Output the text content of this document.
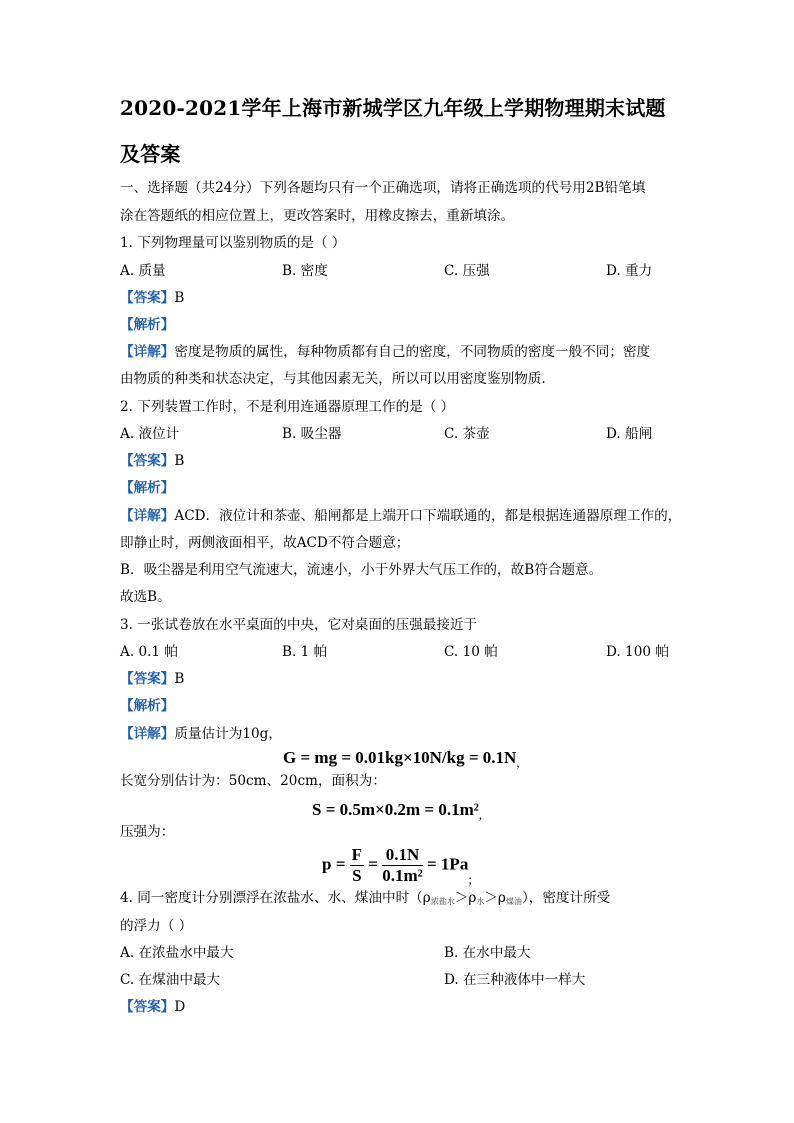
2020-2021学年上海市新城学区九年级上学期物理期末试题
及答案
一、选择题（共24分）下列各题均只有一个正确选项，请将正确选项的代号用2B铅笔填
涂在答题纸的相应位置上，更改答案时，用橡皮擦去，重新填涂。
1. 下列物理量可以鉴别物质的是（ ）
A. 质量	B. 密度	C. 压强	D. 重力
【答案】B
【解析】
【详解】密度是物质的属性，每种物质都有自己的密度，不同物质的密度一般不同；密度
由物质的种类和状态决定，与其他因素无关，所以可以用密度鉴别物质.
2. 下列装置工作时，不是利用连通器原理工作的是（ ）
A. 液位计	B. 吸尘器	C. 茶壶	D. 船闸
【答案】B
【解析】
【详解】ACD．液位计和茶壶、船闸都是上端开口下端联通的，都是根据连通器原理工作的，
即静止时，两侧液面相平，故ACD不符合题意；
B．吸尘器是利用空气流速大，流速小，小于外界大气压工作的，故B符合题意。
故选B。
3. 一张试卷放在水平桌面的中央，它对桌面的压强最接近于
A. 0.1 帕	B. 1 帕	C. 10 帕	D. 100 帕
【答案】B
【解析】
【详解】质量估计为10g，
G = mg = $0.01kg\times 10N/kg = 0.1N_,$
长宽分别估计为：50cm、20cm，面积为：
$S = 0.5m\times 0.2m = 0.1m^2_,$
压强为：
$p = \frac{F}{S} = \frac{0.1N}{\text{0.1m²}} = 1Pa_;$
4. 同一密度计分别漂浮在浓盐水、水、煤油中时$(\rho_{浓盐水}>\rho_水>\rho_{煤油})$，密度计所受
的浮力（ ）
A. 在浓盐水中最大	B. 在水中最大
C. 在煤油中最大	D. 在三种液体中一样大
【答案】D
